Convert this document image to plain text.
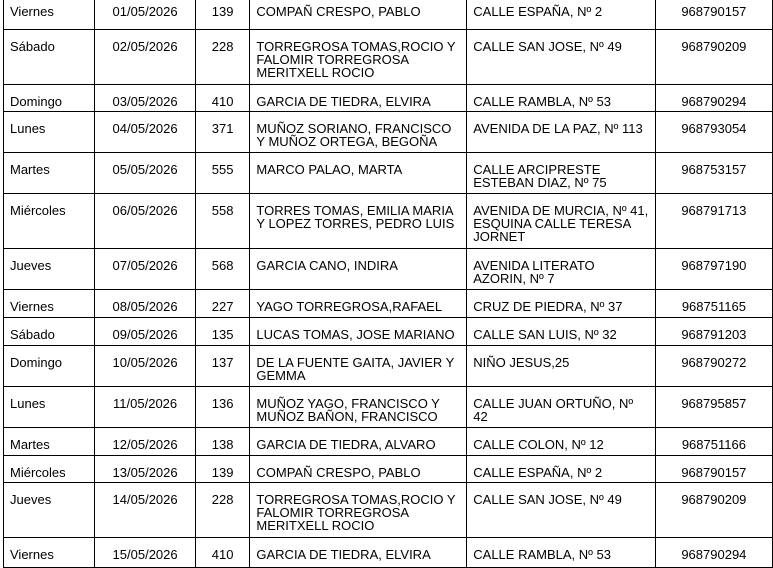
Viernes	01/05/2026	139	COMPAÑ CRESPO, PABLO	CALLE ESPAÑA, Nº 2	968790157
Sábado	02/05/2026	228	TORREGROSA TOMAS,ROCIO Y FALOMIR TORREGROSA MERITXELL ROCIO	CALLE SAN JOSE, Nº 49	968790209
Domingo	03/05/2026	410	GARCIA DE TIEDRA, ELVIRA	CALLE RAMBLA, Nº 53	968790294
Lunes	04/05/2026	371	MUÑOZ SORIANO, FRANCISCO Y MUÑOZ ORTEGA, BEGOÑA	AVENIDA DE LA PAZ, Nº 113	968793054
Martes	05/05/2026	555	MARCO PALAO, MARTA	CALLE ARCIPRESTE ESTEBAN DIAZ, Nº 75	968753157
Miércoles	06/05/2026	558	TORRES TOMAS, EMILIA MARIA Y LOPEZ TORRES, PEDRO LUIS	AVENIDA DE MURCIA, Nº 41, ESQUINA CALLE TERESA JORNET	968791713
Jueves	07/05/2026	568	GARCIA CANO, INDIRA	AVENIDA LITERATO AZORIN, Nº 7	968797190
Viernes	08/05/2026	227	YAGO TORREGROSA,RAFAEL	CRUZ DE PIEDRA, Nº 37	968751165
Sábado	09/05/2026	135	LUCAS TOMAS, JOSE MARIANO	CALLE SAN LUIS, Nº 32	968791203
Domingo	10/05/2026	137	DE LA FUENTE GAITA, JAVIER Y GEMMA	NIÑO JESUS,25	968790272
Lunes	11/05/2026	136	MUÑOZ YAGO, FRANCISCO Y MUÑOZ BAÑON, FRANCISCO	CALLE JUAN ORTUÑO, Nº 42	968795857
Martes	12/05/2026	138	GARCIA DE TIEDRA, ALVARO	CALLE COLON, Nº 12	968751166
Miércoles	13/05/2026	139	COMPAÑ CRESPO, PABLO	CALLE ESPAÑA, Nº 2	968790157
Jueves	14/05/2026	228	TORREGROSA TOMAS,ROCIO Y FALOMIR TORREGROSA MERITXELL ROCIO	CALLE SAN JOSE, Nº 49	968790209
Viernes	15/05/2026	410	GARCIA DE TIEDRA, ELVIRA	CALLE RAMBLA, Nº 53	968790294
